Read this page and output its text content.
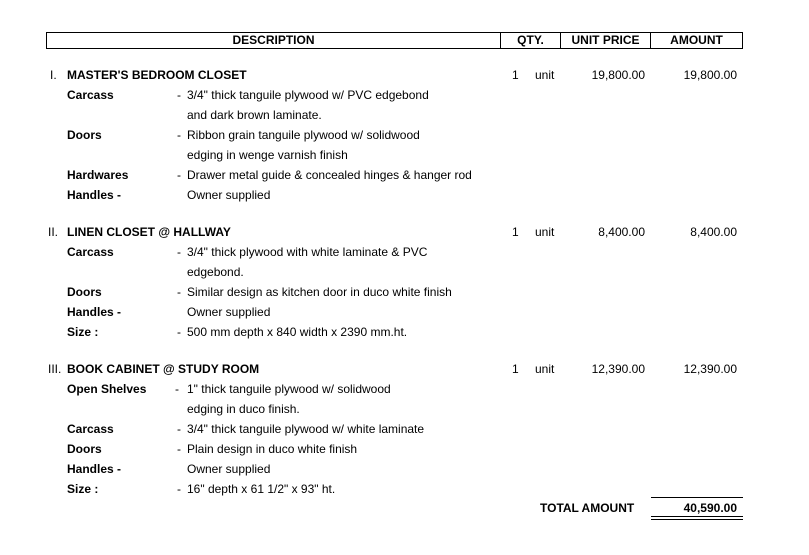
DESCRIPTION	QTY.	UNIT PRICE	AMOUNT
I. MASTER'S BEDROOM CLOSET	1 unit	19,800.00	19,800.00
Carcass	- 3/4" thick tanguile plywood w/ PVC edgebond
and dark brown laminate.
Doors	- Ribbon grain tanguile plywood w/ solidwood
edging in wenge varnish finish
Hardwares	- Drawer metal guide & concealed hinges & hanger rod
Handles -	Owner supplied
II. LINEN CLOSET @ HALLWAY	1 unit	8,400.00	8,400.00
Carcass	- 3/4" thick plywood with white laminate & PVC
edgebond.
Doors	- Similar design as kitchen door in duco white finish
Handles -	Owner supplied
Size :	- 500 mm depth x 840 width x 2390 mm.ht.
III. BOOK CABINET @ STUDY ROOM	1 unit	12,390.00	12,390.00
Open Shelves - 1" thick tanguile plywood w/ solidwood
edging in duco finish.
Carcass	- 3/4" thick tanguile plywood w/ white laminate
Doors	- Plain design in duco white finish
Handles -	Owner supplied
Size :	- 16" depth x 61 1/2" x 93" ht.
TOTAL AMOUNT	40,590.00
